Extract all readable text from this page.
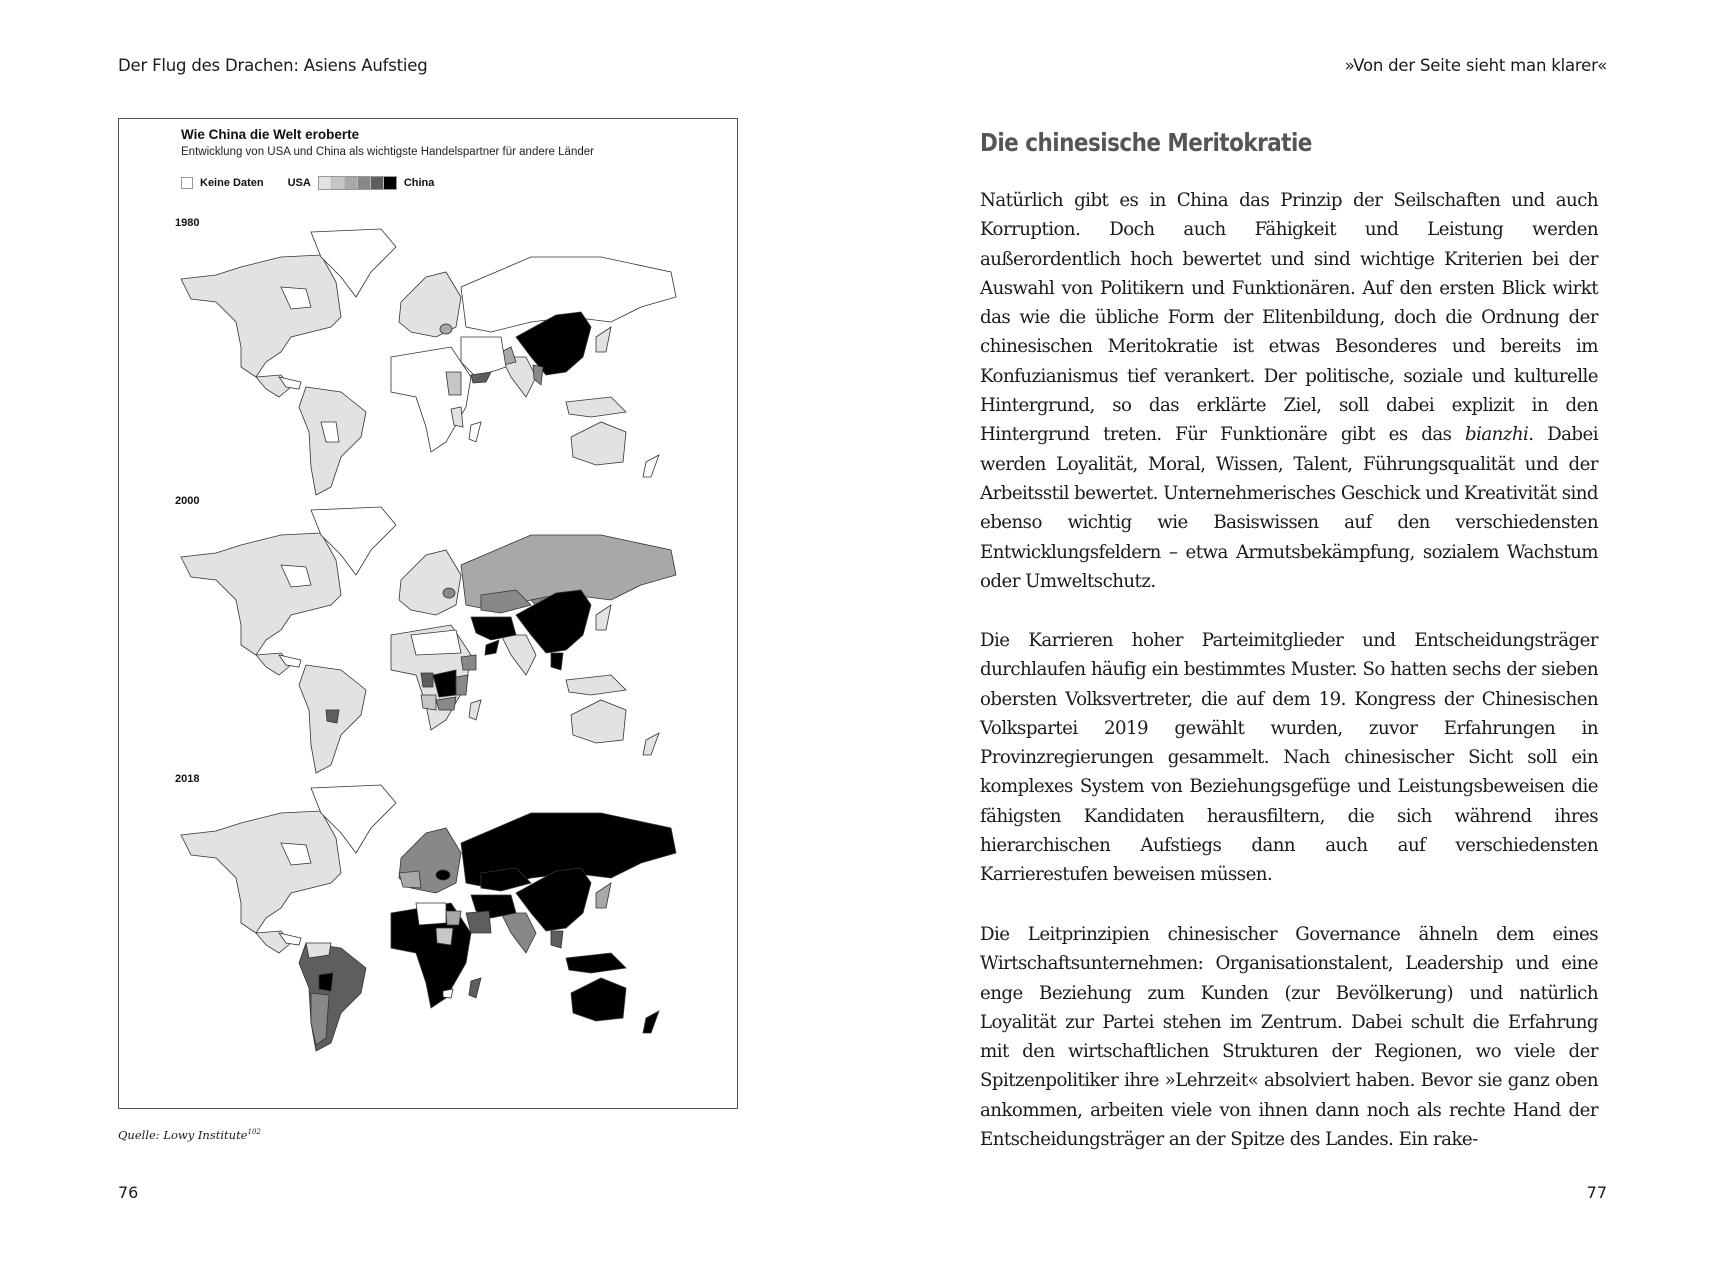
Der Flug des Drachen: Asiens Aufstieg
Wie China die Welt eroberte
Entwicklung von USA und China als wichtigste Handelspartner für andere Länder
Keine Daten USA	China
1980
2000
2018
Quelle: Lowy Institute$^{102}$
76
»Von der Seite sieht man klarer«
Die chinesische Meritokratie

Natürlich gibt es in China das Prinzip der Seilschaften und auch Korruption. Doch auch Fähigkeit und Leistung werden außerordentlich hoch bewertet und sind wichtige Kriterien bei der Auswahl von Politikern und Funktionären. Auf den ersten Blick wirkt das wie die übliche Form der Elitenbildung, doch die Ordnung der chinesischen Meritokratie ist etwas Besonderes und bereits im Konfuzianismus tief verankert. Der politische, soziale und kulturelle Hintergrund, so das erklärte Ziel, soll dabei explizit in den Hintergrund treten. Für Funktionäre gibt es das bianzhi. Dabei werden Loyalität, Moral, Wissen, Talent, Führungsqualität und der Arbeitsstil bewertet. Unternehmerisches Geschick und Kreativität sind ebenso wichtig wie Basiswissen auf den verschiedensten Entwicklungsfeldern – etwa Armutsbekämpfung, sozialem Wachstum oder Umweltschutz.

Die Karrieren hoher Parteimitglieder und Entscheidungsträger durchlaufen häufig ein bestimmtes Muster. So hatten sechs der sieben obersten Volksvertreter, die auf dem 19. Kongress der Chinesischen Volkspartei 2019 gewählt wurden, zuvor Erfahrungen in Provinzregierungen gesammelt. Nach chinesischer Sicht soll ein komplexes System von Beziehungsgefüge und Leistungsbeweisen die fähigsten Kandidaten herausfiltern, die sich während ihres hierarchischen Aufstiegs dann auch auf verschiedensten Karrierestufen beweisen müssen.

Die Leitprinzipien chinesischer Governance ähneln dem eines Wirtschaftsunternehmen: Organisationstalent, Leadership und eine enge Beziehung zum Kunden (zur Bevölkerung) und natürlich Loyalität zur Partei stehen im Zentrum. Dabei schult die Erfahrung mit den wirtschaftlichen Strukturen der Regionen, wo viele der Spitzenpolitiker ihre »Lehrzeit« absolviert haben. Bevor sie ganz oben ankommen, arbeiten viele von ihnen dann noch als rechte Hand der Entscheidungsträger an der Spitze des Landes. Ein rake-

77
